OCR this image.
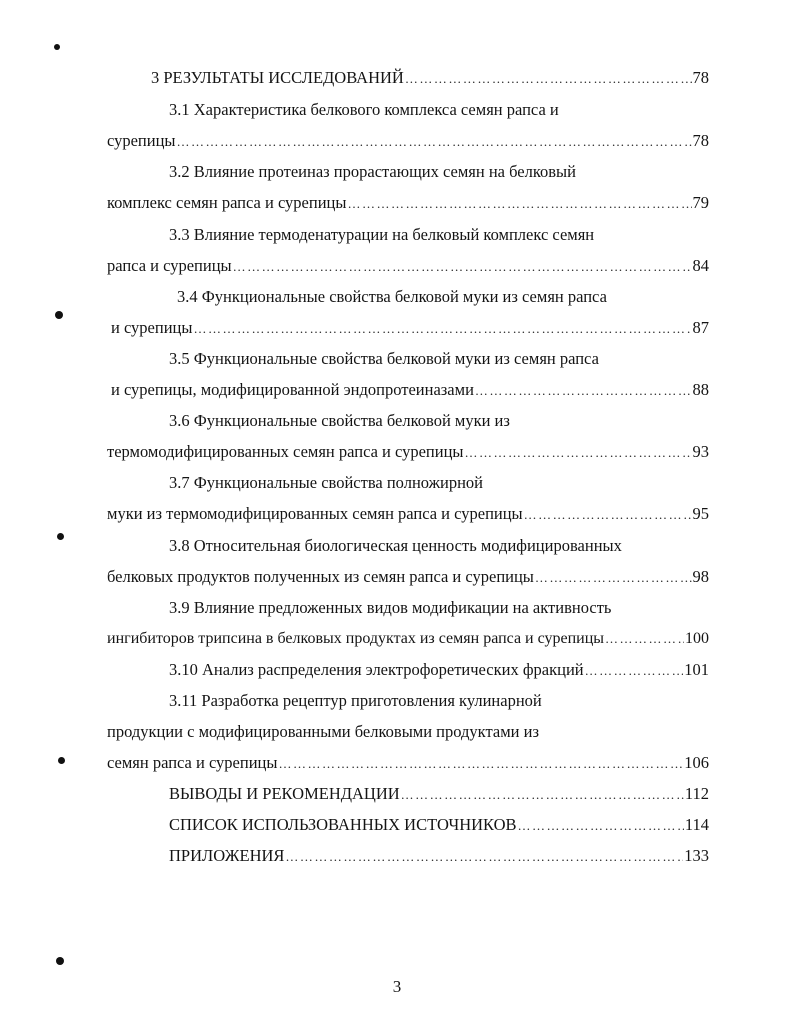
3 РЕЗУЛЬТАТЫ ИССЛЕДОВАНИЙ ……………………………………………………………………………………………………………………………………………………………………………	78
3.1 Характеристика белкового комплекса семян рапса и
сурепицы ……………………………………………………………………………………………………………………………………………………………………………	78
3.2 Влияние протеиназ прорастающих семян на белковый
комплекс семян рапса и сурепицы ……………………………………………………………………………………………………………………………………………………………………………	79
3.3 Влияние термоденатурации на белковый комплекс семян
рапса и сурепицы ……………………………………………………………………………………………………………………………………………………………………………	84
3.4 Функциональные свойства белковой муки из семян рапса
и сурепицы ……………………………………………………………………………………………………………………………………………………………………………	87
3.5 Функциональные свойства белковой муки из семян рапса
и сурепицы, модифицированной эндопротеиназами ……………………………………………………………………………………………………………………………………………………………………………	88
3.6 Функциональные свойства белковой муки из
термомодифицированных семян рапса и сурепицы ……………………………………………………………………………………………………………………………………………………………………………	93
3.7 Функциональные свойства полножирной
муки из термомодифицированных семян рапса и сурепицы ……………………………………………………………………………………………………………………………………………………………………………	95
3.8 Относительная биологическая ценность модифицированных
белковых продуктов полученных из семян рапса и сурепицы ……………………………………………………………………………………………………………………………………………………………………………	98
3.9 Влияние предложенных видов модификации на активность
ингибиторов трипсина в белковых продуктах из семян рапса и сурепицы ……………………………………………………………………………………………………………………………………………………………………………	100
3.10 Анализ распределения электрофоретических фракций ……………………………………………………………………………………………………………………………………………………………………………	101
3.11 Разработка рецептур приготовления кулинарной
продукции с модифицированными белковыми продуктами из
семян рапса и сурепицы ……………………………………………………………………………………………………………………………………………………………………………	106
ВЫВОДЫ И РЕКОМЕНДАЦИИ ……………………………………………………………………………………………………………………………………………………………………………	112
СПИСОК ИСПОЛЬЗОВАННЫХ ИСТОЧНИКОВ ……………………………………………………………………………………………………………………………………………………………………………	114
ПРИЛОЖЕНИЯ ……………………………………………………………………………………………………………………………………………………………………………	133
3
